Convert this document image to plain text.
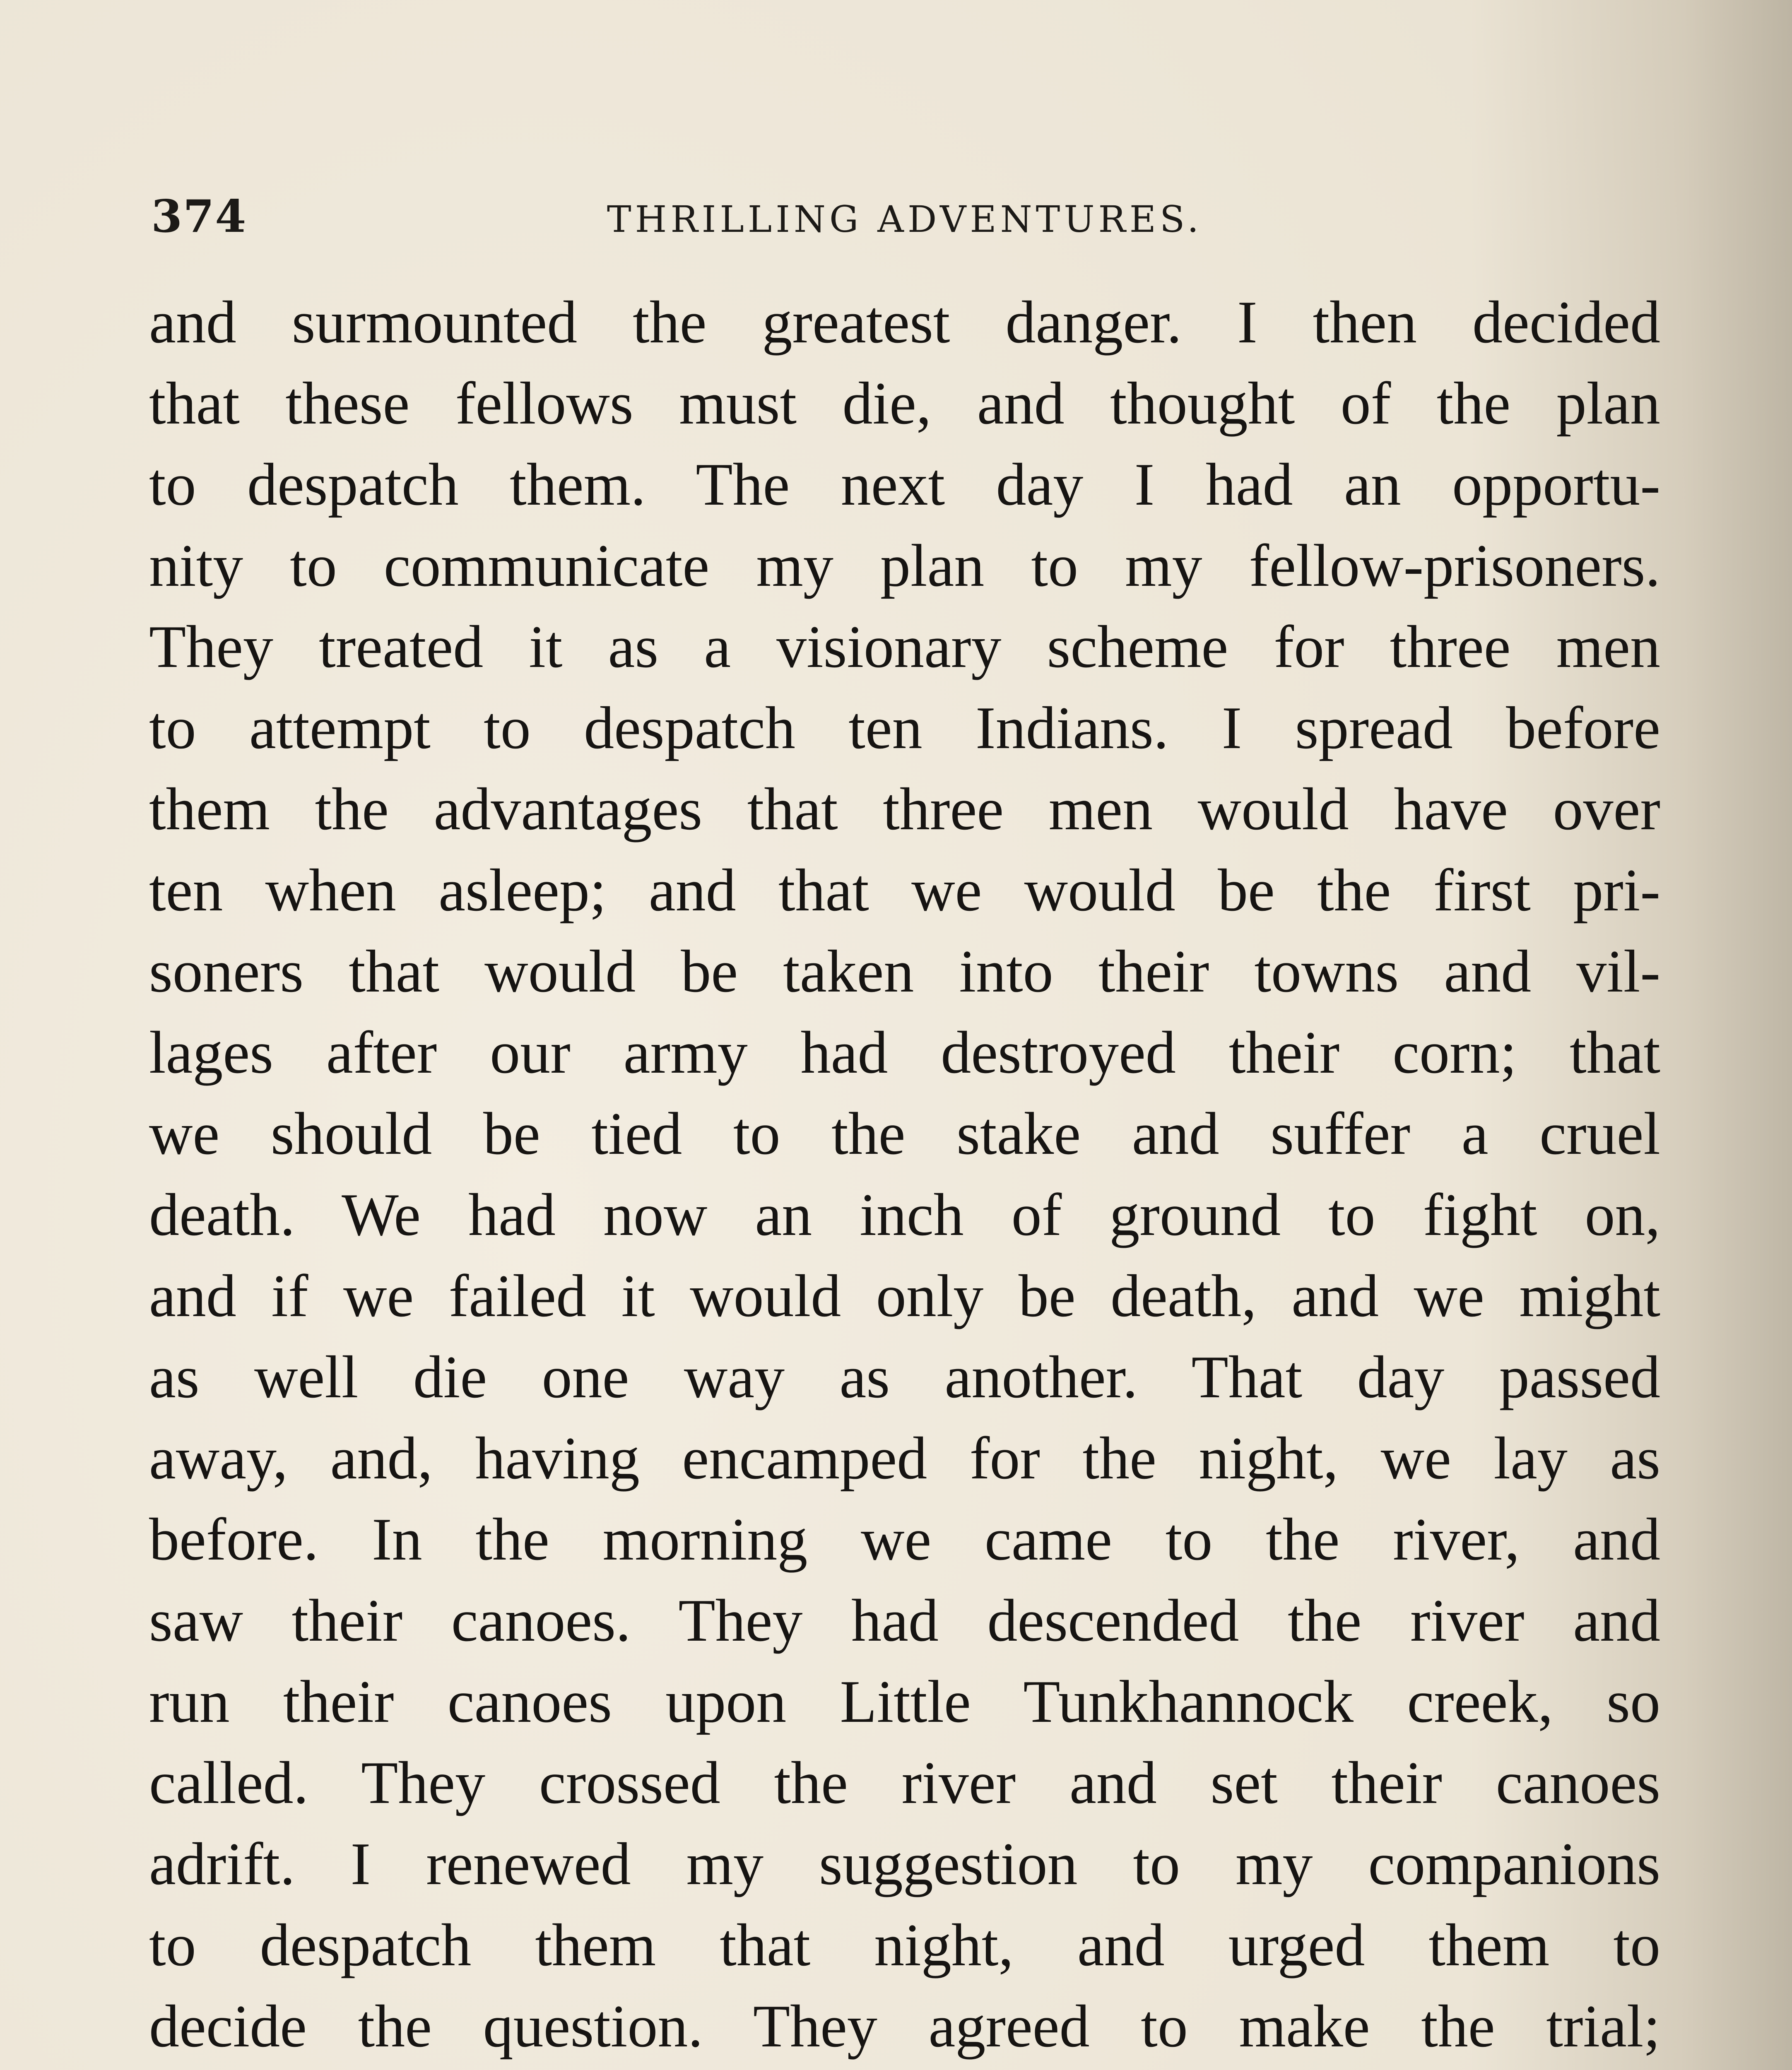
374	THRILLING ADVENTURES.
and surmounted the greatest danger. I then decided
that these fellows must die, and thought of the plan
to despatch them. The next day I had an opportu-
nity to communicate my plan to my fellow-prisoners.
They treated it as a visionary scheme for three men
to attempt to despatch ten Indians. I spread before
them the advantages that three men would have over
ten when asleep; and that we would be the first pri-
soners that would be taken into their towns and vil-
lages after our army had destroyed their corn; that
we should be tied to the stake and suffer a cruel
death. We had now an inch of ground to fight on,
and if we failed it would only be death, and we might
as well die one way as another. That day passed
away, and, having encamped for the night, we lay as
before. In the morning we came to the river, and
saw their canoes. They had descended the river and
run their canoes upon Little Tunkhannock creek, so
called. They crossed the river and set their canoes
adrift. I renewed my suggestion to my companions
to despatch them that night, and urged them to
decide the question. They agreed to make the trial;
